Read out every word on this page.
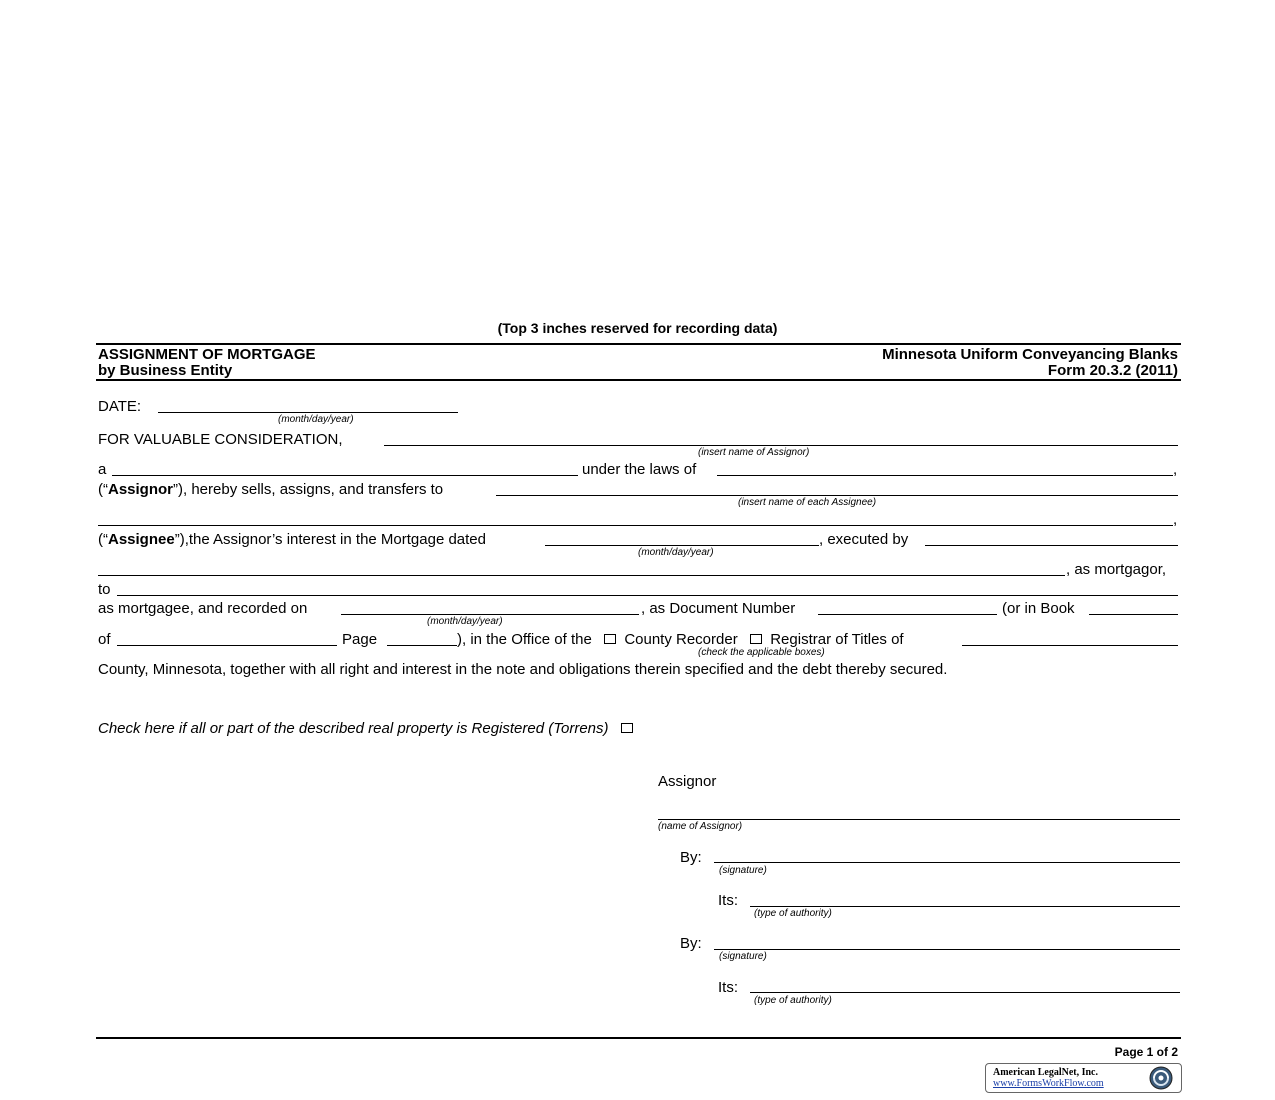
(Top 3 inches reserved for recording data)
ASSIGNMENT OF MORTGAGE
by Business Entity
Minnesota Uniform Conveyancing Blanks
Form 20.3.2 (2011)
DATE:
(month/day/year)
FOR VALUABLE CONSIDERATION,
(insert name of Assignor)
a	under the laws of	,
(“Assignor”), hereby sells, assigns, and transfers to
(insert name of each Assignee)
,
(“Assignee”),the Assignor’s interest in the Mortgage dated	, executed by
(month/day/year)
, as mortgagor,
to
as mortgagee, and recorded on	, as Document Number	(or in Book
(month/day/year)
of	Page	), in the Office of the County Recorder Registrar of Titles of
(check the applicable boxes)
County, Minnesota, together with all right and interest in the note and obligations therein specified and the debt thereby secured.
Check here if all or part of the described real property is Registered (Torrens)
Assignor
(name of Assignor)
By:
(signature)
Its:
(type of authority)
By:
(signature)
Its:
(type of authority)
Page 1 of 2
American LegalNet, Inc.
www.FormsWorkFlow.com
